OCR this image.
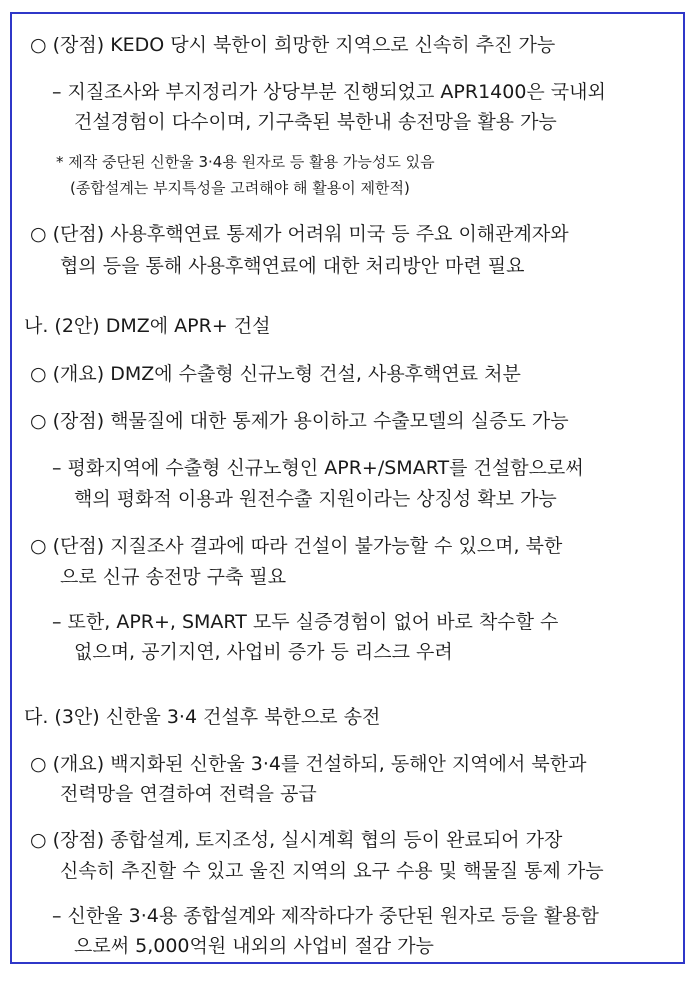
○ (장점) KEDO 당시 북한이 희망한 지역으로 신속히 추진 가능
– 지질조사와 부지정리가 상당부분 진행되었고 APR1400은 국내외
건설경험이 다수이며, 기구축된 북한내 송전망을 활용 가능
* 제작 중단된 신한울 3·4용 원자로 등 활용 가능성도 있음
(종합설계는 부지특성을 고려해야 해 활용이 제한적)
○ (단점) 사용후핵연료 통제가 어려워 미국 등 주요 이해관계자와
협의 등을 통해 사용후핵연료에 대한 처리방안 마련 필요
나. (2안) DMZ에 APR+ 건설
○ (개요) DMZ에 수출형 신규노형 건설, 사용후핵연료 처분
○ (장점) 핵물질에 대한 통제가 용이하고 수출모델의 실증도 가능
– 평화지역에 수출형 신규노형인 APR+/SMART를 건설함으로써
핵의 평화적 이용과 원전수출 지원이라는 상징성 확보 가능
○ (단점) 지질조사 결과에 따라 건설이 불가능할 수 있으며, 북한
으로 신규 송전망 구축 필요
– 또한, APR+, SMART 모두 실증경험이 없어 바로 착수할 수
없으며, 공기지연, 사업비 증가 등 리스크 우려
다. (3안) 신한울 3·4 건설후 북한으로 송전
○ (개요) 백지화된 신한울 3·4를 건설하되, 동해안 지역에서 북한과
전력망을 연결하여 전력을 공급
○ (장점) 종합설계, 토지조성, 실시계획 협의 등이 완료되어 가장
신속히 추진할 수 있고 울진 지역의 요구 수용 및 핵물질 통제 가능
– 신한울 3·4용 종합설계와 제작하다가 중단된 원자로 등을 활용함
으로써 5,000억원 내외의 사업비 절감 가능
